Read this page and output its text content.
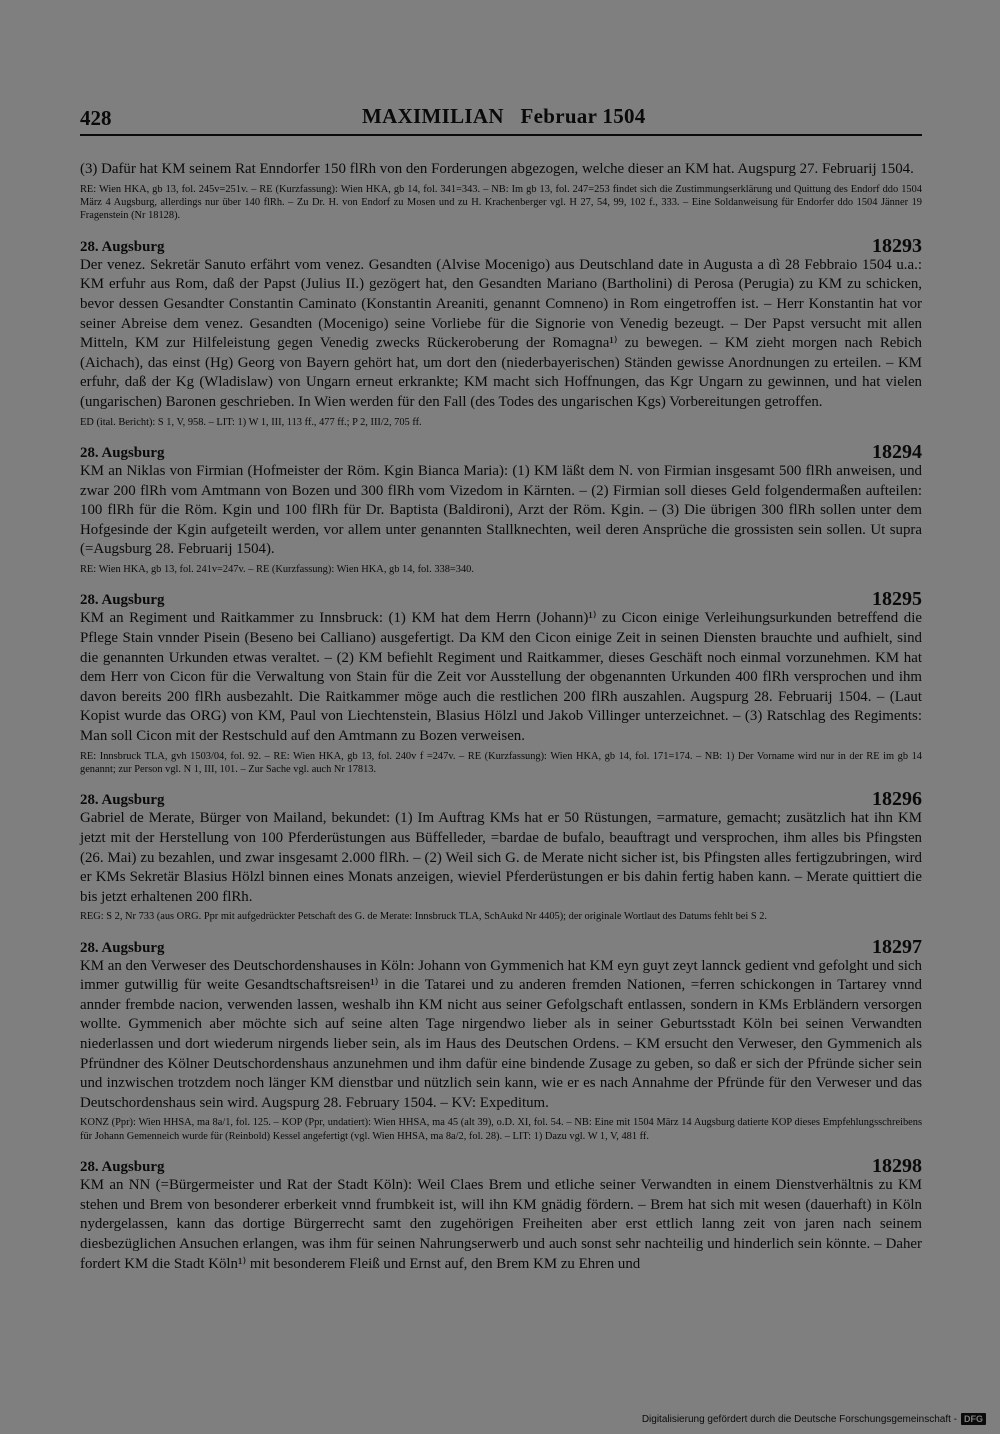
428	MAXIMILIAN   Februar 1504

(3) Dafür hat KM seinem Rat Enndorfer 150 flRh von den Forderungen abgezogen, welche dieser an KM hat. Augspurg 27. Februarij 1504.

RE: Wien HKA, gb 13, fol. 245v=251v. – RE (Kurzfassung): Wien HKA, gb 14, fol. 341=343. – NB: Im gb 13, fol. 247=253 findet sich die Zustimmungserklärung und Quittung des Endorf ddo 1504 März 4 Augsburg, allerdings nur über 140 flRh. – Zu Dr. H. von Endorf zu Mosen und zu H. Krachenberger vgl. H 27, 54, 99, 102 f., 333. – Eine Soldanweisung für Endorfer ddo 1504 Jänner 19 Fragenstein (Nr 18128).

28. Augsburg	18293

Der venez. Sekretär Sanuto erfährt vom venez. Gesandten (Alvise Mocenigo) aus Deutschland date in Augusta a dì 28 Febbraio 1504 u.a.: KM erfuhr aus Rom, daß der Papst (Julius II.) gezögert hat, den Gesandten Mariano (Bartholini) di Perosa (Perugia) zu KM zu schicken, bevor dessen Gesandter Constantin Caminato (Konstantin Areaniti, genannt Comneno) in Rom eingetroffen ist. – Herr Konstantin hat vor seiner Abreise dem venez. Gesandten (Mocenigo) seine Vorliebe für die Signorie von Venedig bezeugt. – Der Papst versucht mit allen Mitteln, KM zur Hilfeleistung gegen Venedig zwecks Rückeroberung der Romagna¹⁾ zu bewegen. – KM zieht morgen nach Rebich (Aichach), das einst (Hg) Georg von Bayern gehört hat, um dort den (niederbayerischen) Ständen gewisse Anordnungen zu erteilen. – KM erfuhr, daß der Kg (Wladislaw) von Ungarn erneut erkrankte; KM macht sich Hoffnungen, das Kgr Ungarn zu gewinnen, und hat vielen (ungarischen) Baronen geschrieben. In Wien werden für den Fall (des Todes des ungarischen Kgs) Vorbereitungen getroffen.

ED (ital. Bericht): S 1, V, 958. – LIT: 1) W 1, III, 113 ff., 477 ff.; P 2, III/2, 705 ff.

28. Augsburg	18294

KM an Niklas von Firmian (Hofmeister der Röm. Kgin Bianca Maria): (1) KM läßt dem N. von Firmian insgesamt 500 flRh anweisen, und zwar 200 flRh vom Amtmann von Bozen und 300 flRh vom Vizedom in Kärnten. – (2) Firmian soll dieses Geld folgendermaßen aufteilen: 100 flRh für die Röm. Kgin und 100 flRh für Dr. Baptista (Baldironi), Arzt der Röm. Kgin. – (3) Die übrigen 300 flRh sollen unter dem Hofgesinde der Kgin aufgeteilt werden, vor allem unter genannten Stallknechten, weil deren Ansprüche die grossisten sein sollen. Ut supra (=Augsburg 28. Februarij 1504).

RE: Wien HKA, gb 13, fol. 241v=247v. – RE (Kurzfassung): Wien HKA, gb 14, fol. 338=340.

28. Augsburg	18295

KM an Regiment und Raitkammer zu Innsbruck: (1) KM hat dem Herrn (Johann)¹⁾ zu Cicon einige Verleihungsurkunden betreffend die Pflege Stain vnnder Pisein (Beseno bei Calliano) ausgefertigt. Da KM den Cicon einige Zeit in seinen Diensten brauchte und aufhielt, sind die genannten Urkunden etwas veraltet. – (2) KM befiehlt Regiment und Raitkammer, dieses Geschäft noch einmal vorzunehmen. KM hat dem Herr von Cicon für die Verwaltung von Stain für die Zeit vor Ausstellung der obgenannten Urkunden 400 flRh versprochen und ihm davon bereits 200 flRh ausbezahlt. Die Raitkammer möge auch die restlichen 200 flRh auszahlen. Augspurg 28. Februarij 1504. – (Laut Kopist wurde das ORG) von KM, Paul von Liechtenstein, Blasius Hölzl und Jakob Villinger unterzeichnet. – (3) Ratschlag des Regiments: Man soll Cicon mit der Restschuld auf den Amtmann zu Bozen verweisen.

RE: Innsbruck TLA, gvh 1503/04, fol. 92. – RE: Wien HKA, gb 13, fol. 240v f =247v. – RE (Kurzfassung): Wien HKA, gb 14, fol. 171=174. – NB: 1) Der Vorname wird nur in der RE im gb 14 genannt; zur Person vgl. N 1, III, 101. – Zur Sache vgl. auch Nr 17813.

28. Augsburg	18296

Gabriel de Merate, Bürger von Mailand, bekundet: (1) Im Auftrag KMs hat er 50 Rüstungen, =armature, gemacht; zusätzlich hat ihn KM jetzt mit der Herstellung von 100 Pferderüstungen aus Büffelleder, =bardae de bufalo, beauftragt und versprochen, ihm alles bis Pfingsten (26. Mai) zu bezahlen, und zwar insgesamt 2.000 flRh. – (2) Weil sich G. de Merate nicht sicher ist, bis Pfingsten alles fertigzubringen, wird er KMs Sekretär Blasius Hölzl binnen eines Monats anzeigen, wieviel Pferderüstungen er bis dahin fertig haben kann. – Merate quittiert die bis jetzt erhaltenen 200 flRh.

REG: S 2, Nr 733 (aus ORG. Ppr mit aufgedrückter Petschaft des G. de Merate: Innsbruck TLA, SchAukd Nr 4405); der originale Wortlaut des Datums fehlt bei S 2.

28. Augsburg	18297

KM an den Verweser des Deutschordenshauses in Köln: Johann von Gymmenich hat KM eyn guyt zeyt lannck gedient vnd gefolght und sich immer gutwillig für weite Gesandtschaftsreisen¹⁾ in die Tatarei und zu anderen fremden Nationen, =ferren schickongen in Tartarey vnnd annder frembde nacion, verwenden lassen, weshalb ihn KM nicht aus seiner Gefolgschaft entlassen, sondern in KMs Erbländern versorgen wollte. Gymmenich aber möchte sich auf seine alten Tage nirgendwo lieber als in seiner Geburtsstadt Köln bei seinen Verwandten niederlassen und dort wiederum nirgends lieber sein, als im Haus des Deutschen Ordens. – KM ersucht den Verweser, den Gymmenich als Pfründner des Kölner Deutschordenshaus anzunehmen und ihm dafür eine bindende Zusage zu geben, so daß er sich der Pfründe sicher sein und inzwischen trotzdem noch länger KM dienstbar und nützlich sein kann, wie er es nach Annahme der Pfründe für den Verweser und das Deutschordenshaus sein wird. Augspurg 28. February 1504. – KV: Expeditum.

KONZ (Ppr): Wien HHSA, ma 8a/1, fol. 125. – KOP (Ppr, undatiert): Wien HHSA, ma 45 (alt 39), o.D. XI, fol. 54. – NB: Eine mit 1504 März 14 Augsburg datierte KOP dieses Empfehlungsschreibens für Johann Gemenneich wurde für (Reinbold) Kessel angefertigt (vgl. Wien HHSA, ma 8a/2, fol. 28). – LIT: 1) Dazu vgl. W 1, V, 481 ff.

28. Augsburg	18298

KM an NN (=Bürgermeister und Rat der Stadt Köln): Weil Claes Brem und etliche seiner Verwandten in einem Dienstverhältnis zu KM stehen und Brem von besonderer erberkeit vnnd frumbkeit ist, will ihn KM gnädig fördern. – Brem hat sich mit wesen (dauerhaft) in Köln nydergelassen, kann das dortige Bürgerrecht samt den zugehörigen Freiheiten aber erst ettlich lanng zeit von jaren nach seinem diesbezüglichen Ansuchen erlangen, was ihm für seinen Nahrungserwerb und auch sonst sehr nachteilig und hinderlich sein könnte. – Daher fordert KM die Stadt Köln¹⁾ mit besonderem Fleiß und Ernst auf, den Brem KM zu Ehren und

Digitalisierung gefördert durch die Deutsche Forschungsgemeinschaft - DFG
